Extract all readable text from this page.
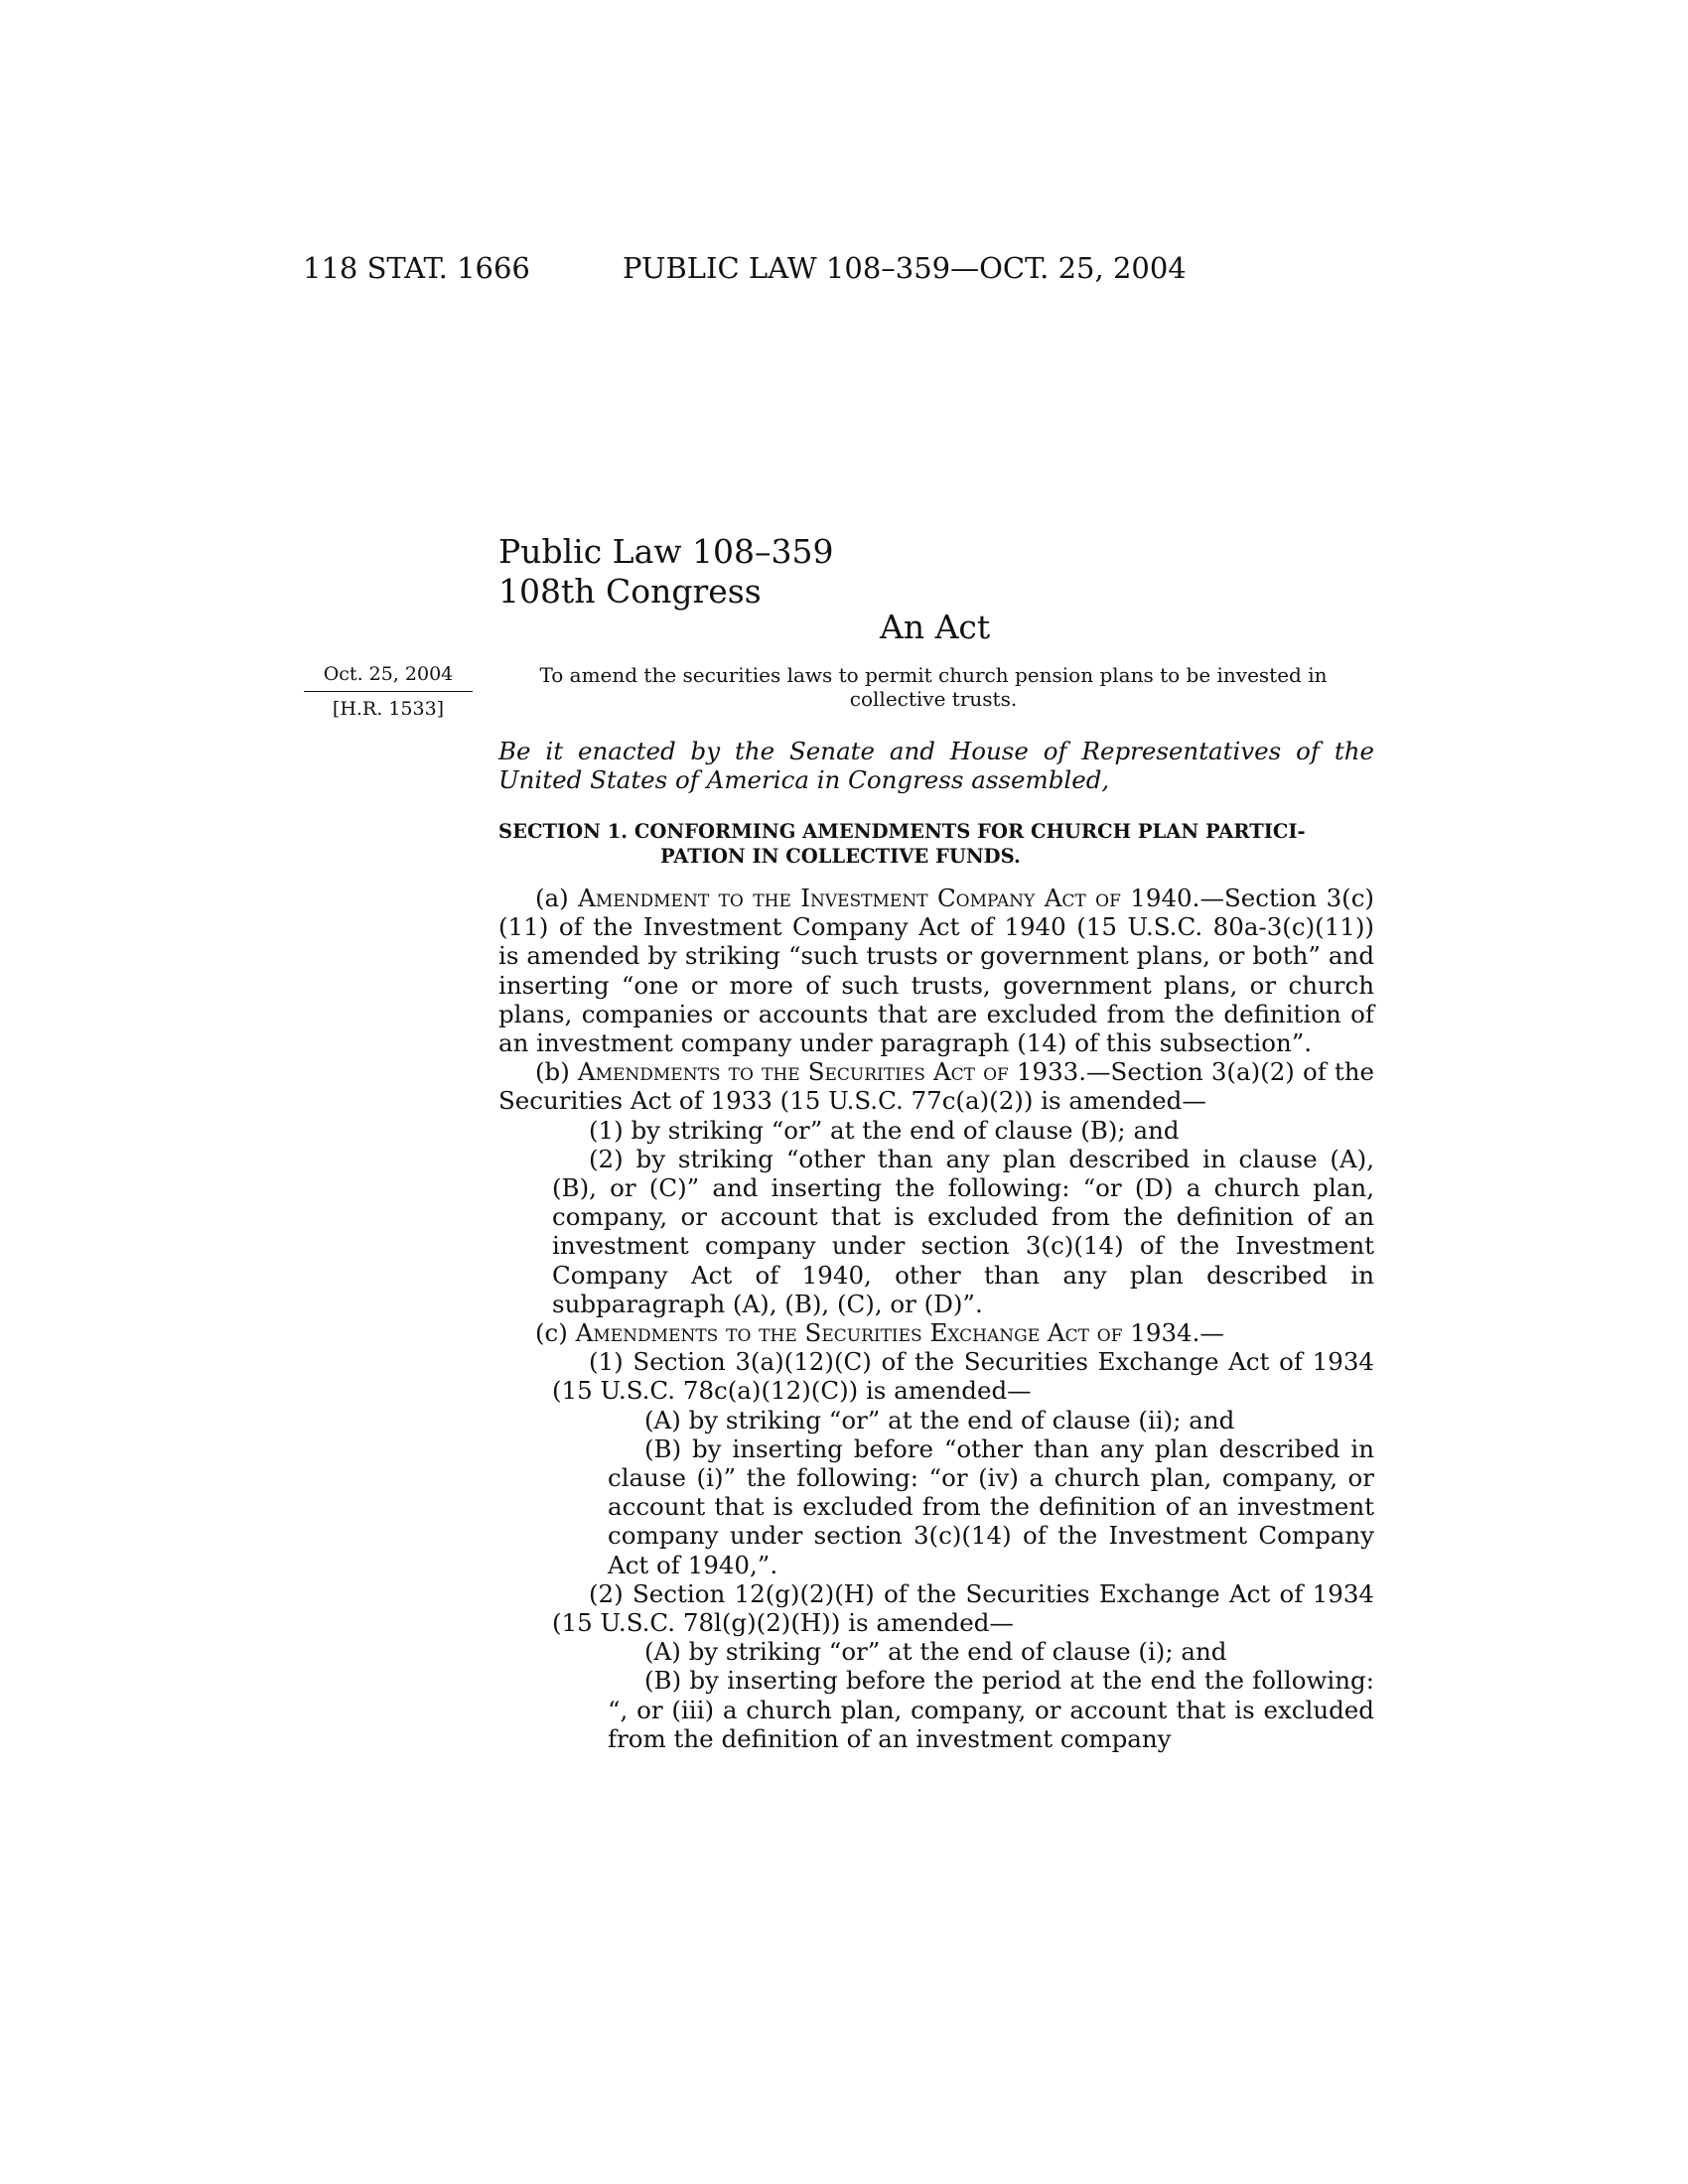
118 STAT. 1666	PUBLIC LAW 108–359—OCT. 25, 2004
Public Law 108–359
108th Congress
An Act
Oct. 25, 2004
[H.R. 1533]
To amend the securities laws to permit church pension plans to be invested in collective trusts.
Be it enacted by the Senate and House of Representatives of the United States of America in Congress assembled,
SECTION 1. CONFORMING AMENDMENTS FOR CHURCH PLAN PARTICI-
PATION IN COLLECTIVE FUNDS.

(a) Amendment to the Investment Company Act of 1940.—Section 3(c)(11) of the Investment Company Act of 1940 (15 U.S.C. 80a-3(c)(11)) is amended by striking “such trusts or government plans, or both” and inserting “one or more of such trusts, government plans, or church plans, companies or accounts that are excluded from the definition of an investment company under paragraph (14) of this subsection”.

(b) Amendments to the Securities Act of 1933.—Section 3(a)(2) of the Securities Act of 1933 (15 U.S.C. 77c(a)(2)) is amended—

(1) by striking “or” at the end of clause (B); and

(2) by striking “other than any plan described in clause (A), (B), or (C)” and inserting the following: “or (D) a church plan, company, or account that is excluded from the definition of an investment company under section 3(c)(14) of the Investment Company Act of 1940, other than any plan described in subparagraph (A), (B), (C), or (D)”.

(c) Amendments to the Securities Exchange Act of 1934.—

(1) Section 3(a)(12)(C) of the Securities Exchange Act of 1934 (15 U.S.C. 78c(a)(12)(C)) is amended—

(A) by striking “or” at the end of clause (ii); and

(B) by inserting before “other than any plan described in clause (i)” the following: “or (iv) a church plan, company, or account that is excluded from the definition of an investment company under section 3(c)(14) of the Investment Company Act of 1940,”.

(2) Section 12(g)(2)(H) of the Securities Exchange Act of 1934 (15 U.S.C. 78l(g)(2)(H)) is amended—

(A) by striking “or” at the end of clause (i); and

(B) by inserting before the period at the end the following: “, or (iii) a church plan, company, or account that is excluded from the definition of an investment company
